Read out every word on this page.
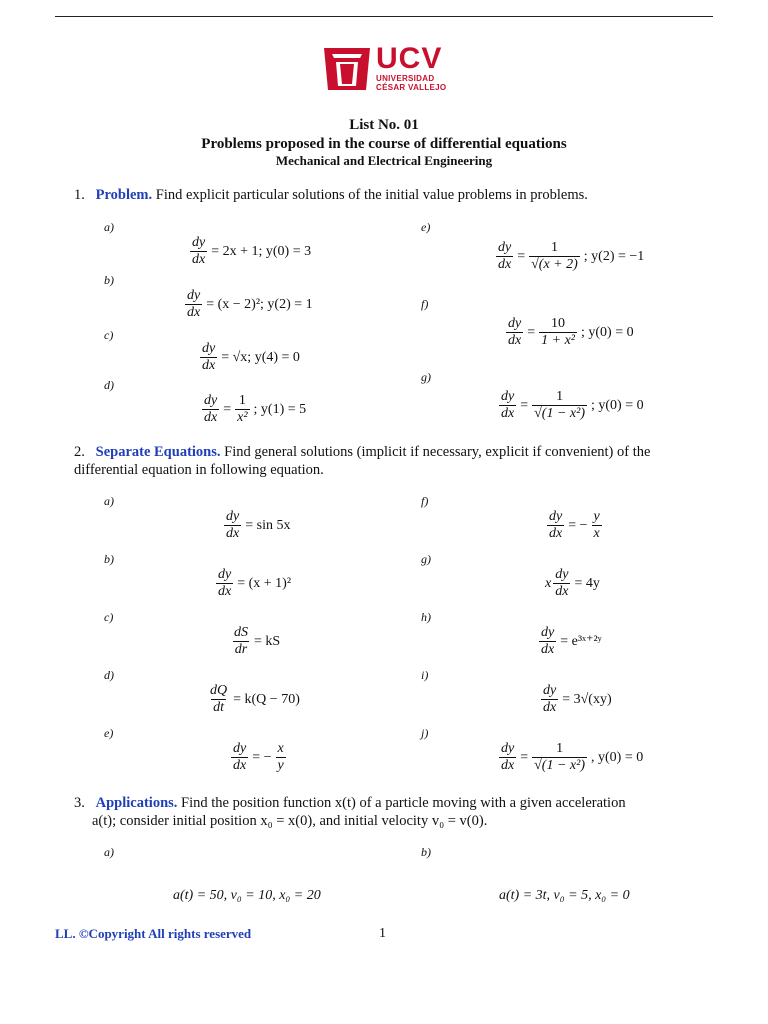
UCV
UNIVERSIDAD
CÉSAR VALLEJO
List No. 01
Problems proposed in the course of differential equations
Mechanical and Electrical Engineering
1. Problem. Find explicit particular solutions of the initial value problems in problems.
a)
$\frac{dy}{dx} = 2x + 1$; y(0) = 3
b)
$\frac{dy}{dx} = (x - 2)^2$; y(2) = 1
c)
$\frac{dy}{dx} = √x$; y(4) = 0
d)
$\frac{dy}{dx} = \frac{1}{\text{x²}}$ ; y(1) = 5
e)
$\frac{dy}{dx} = \frac{1}{√(x + 2)}$ ; y(2) = −1
f)
$\frac{dy}{dx} = \frac{10}{\text{1 + x²}}$ ; y(0) = 0
g)
$\frac{dy}{dx} = \frac{1}{\text{√(1 − x²)}}$ ; y(0) = 0
2. Separate Equations. Find general solutions (implicit if necessary, explicit if convenient) of the differential equation in following equation.
a)
$\frac{dy}{dx} = \sin 5x$
b)
$\frac{dy}{dx} = (x + 1)^2$
c)
$\frac{dS}{dr}$ = kS
d)
$\frac{dQ}{dt} = k(Q - 70)$
e)
$\frac{dy}{dx}$ = − $\frac{x}{y}$
f)
$\frac{dy}{dx}$ = − $\frac{y}{x}$
g)
x $\frac{dy}{dx} = 4y$
h)
$\frac{dy}{dx}$ = e³ˣ⁺²ʸ
i)
$\frac{dy}{dx} = 3√(xy)$
j)
$\frac{dy}{dx} = \frac{1}{\text{√(1 − x²)}}$ , y(0) = 0
3. Applications. Find the position function x(t) of a particle moving with a given acceleration
a(t); consider initial position x₀ = x(0), and initial velocity v₀ = v(0).
a)
a(t) = 50, v₀ = 10, x₀ = 20
b)
a(t) = 3t, v₀ = 5, x₀ = 0
LL. ©Copyright All rights reserved	1
